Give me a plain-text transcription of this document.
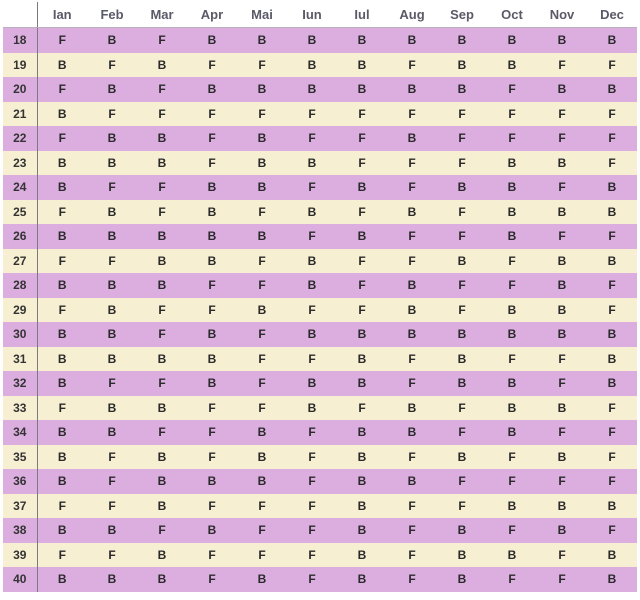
	Ian	Feb	Mar	Apr	Mai	Iun	Iul	Aug	Sep	Oct	Nov	Dec
18	F	B	F	B	B	B	B	B	B	B	B	B
19	B	F	B	F	F	B	B	F	B	B	F	F
20	F	B	F	B	B	B	B	B	B	F	B	B
21	B	F	F	F	F	F	F	F	F	F	F	F
22	F	B	B	F	B	F	F	B	F	F	F	F
23	B	B	B	F	B	B	F	F	F	B	B	F
24	B	F	F	B	B	F	B	F	B	B	F	B
25	F	B	F	B	F	B	F	B	F	B	B	B
26	B	B	B	B	B	F	B	F	F	B	F	F
27	F	F	B	B	F	B	F	F	B	F	B	B
28	B	B	B	F	F	B	F	B	F	F	B	F
29	F	B	F	F	B	F	F	B	F	B	B	F
30	B	B	F	B	F	B	B	B	B	B	B	B
31	B	B	B	B	F	F	B	F	B	F	F	B
32	B	F	F	B	F	B	B	F	B	B	F	B
33	F	B	B	F	F	B	F	B	F	B	B	F
34	B	B	F	F	B	F	B	B	F	B	F	F
35	B	F	B	F	B	F	B	F	B	F	B	F
36	B	F	B	B	B	F	B	B	F	F	F	F
37	F	F	B	F	F	F	B	F	F	B	B	B
38	B	B	F	B	F	F	B	F	B	F	B	F
39	F	F	B	F	F	F	B	F	B	B	F	B
40	B	B	B	F	B	F	B	F	B	F	F	B
